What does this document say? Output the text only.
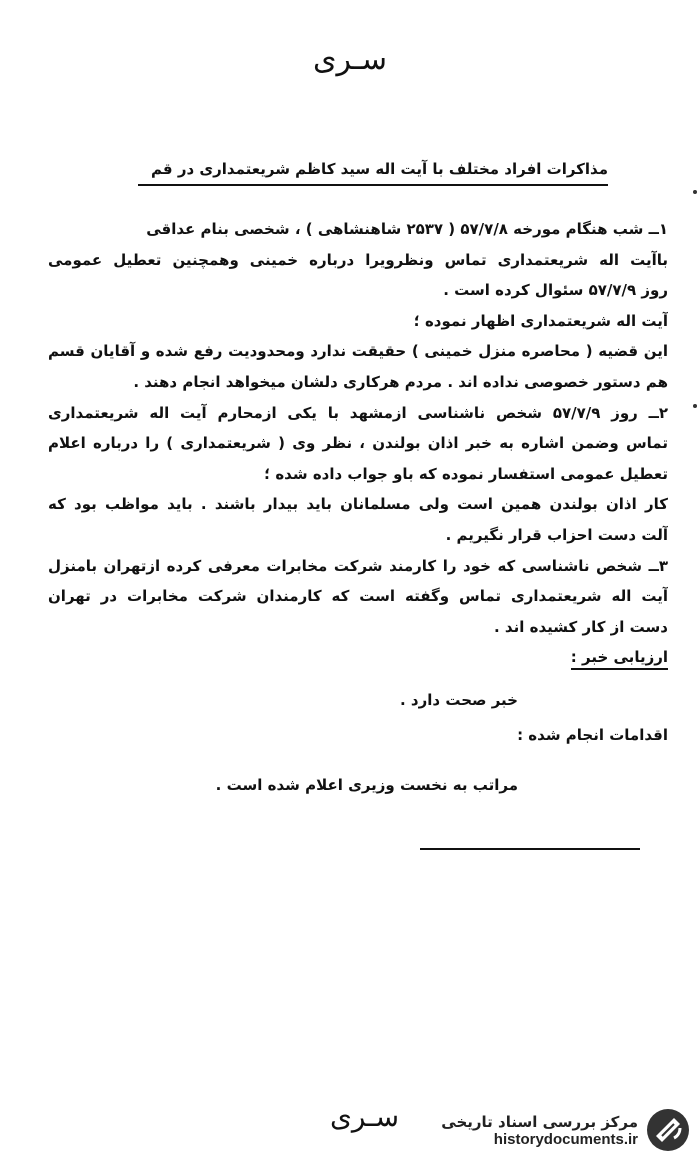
سـری
مذاکرات افراد مختلف با آیت اله سید کاظم شریعتمداری در قم
۱ــ شب هنگام مورخه ۵۷/۷/۸ ( ۲۵۳۷ شاهنشاهی ) ، شخصی بنام عداقی
باآیت اله شریعتمداری تماس ونظرویرا درباره خمینی وهمچنین تعطیل عمومی
روز ۵۷/۷/۹ سئوال کرده است .
آیت اله شریعتمداری اظهار نموده ؛
این قضیه ( محاصره منزل خمینی ) حقیقت ندارد ومحدودیت رفع شده و آقایان قسم
هم دستور خصوصی نداده اند . مردم هرکاری دلشان میخواهد انجام دهند .
۲ــ روز ۵۷/۷/۹ شخص ناشناسی ازمشهد با یکی ازمحارم آیت اله شریعتمداری
تماس وضمن اشاره به خبر اذان بولندن ، نظر وی ( شریعتمداری ) را درباره اعلام
تعطیل عمومی استفسار نموده که باو جواب داده شده ؛
کار اذان بولندن همین است ولی مسلمانان باید بیدار باشند . باید مواظب بود که
آلت دست احزاب قرار نگیریم .
۳ــ شخص ناشناسی که خود را کارمند شرکت مخابرات معرفی کرده ازتهران بامنزل
آیت اله شریعتمداری تماس وگفته است که کارمندان شرکت مخابرات در تهران
دست از کار کشیده اند .
ارزیابی خبر :
خبر صحت دارد .
اقدامات انجام شده :
مراتب به نخست وزیری اعلام شده است .
سـری	مرکز بررسی اسناد تاریخی
historydocuments.ir
